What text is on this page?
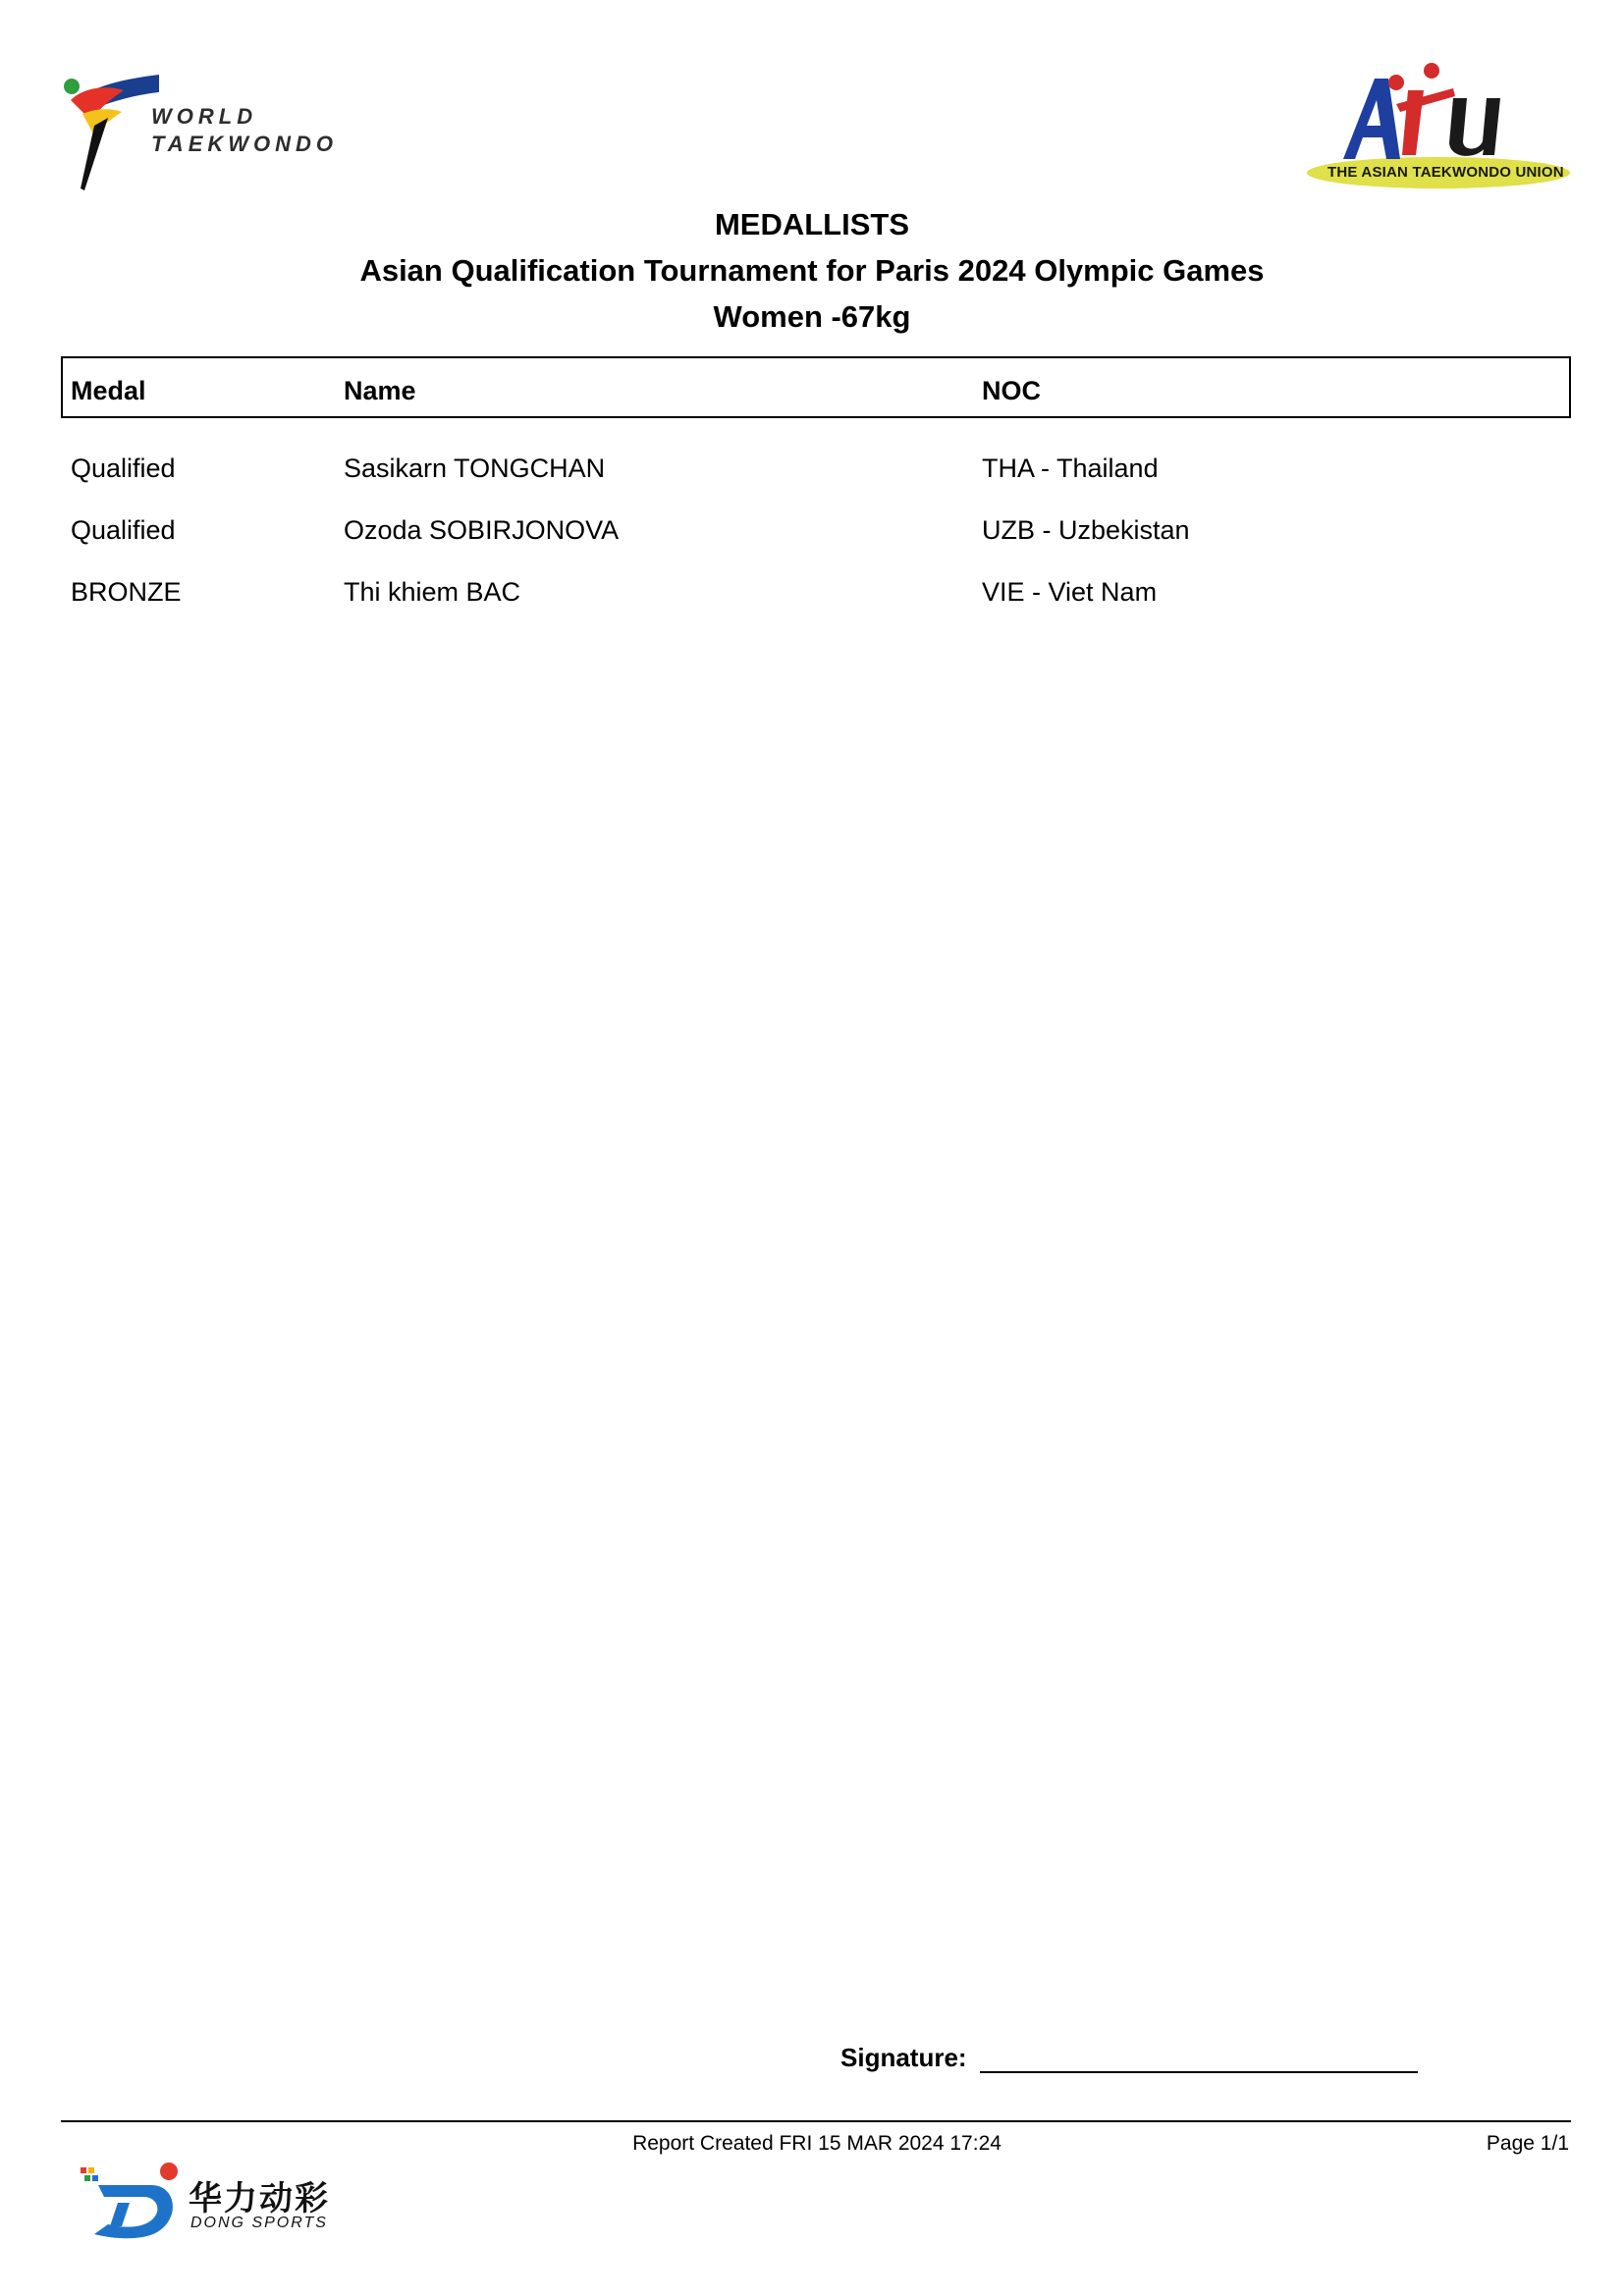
WORLD
TAEKWONDO
THE ASIAN TAEKWONDO UNION
MEDALLISTS
Asian Qualification Tournament for Paris 2024 Olympic Games
Women -67kg
Medal	Name	NOC
Qualified	Sasikarn TONGCHAN	THA - Thailand
Qualified	Ozoda SOBIRJONOVA	UZB - Uzbekistan
BRONZE	Thi khiem BAC	VIE - Viet Nam
Signature:
Report Created FRI 15 MAR 2024 17:24	Page 1/1
华力动彩
DONG SPORTS
